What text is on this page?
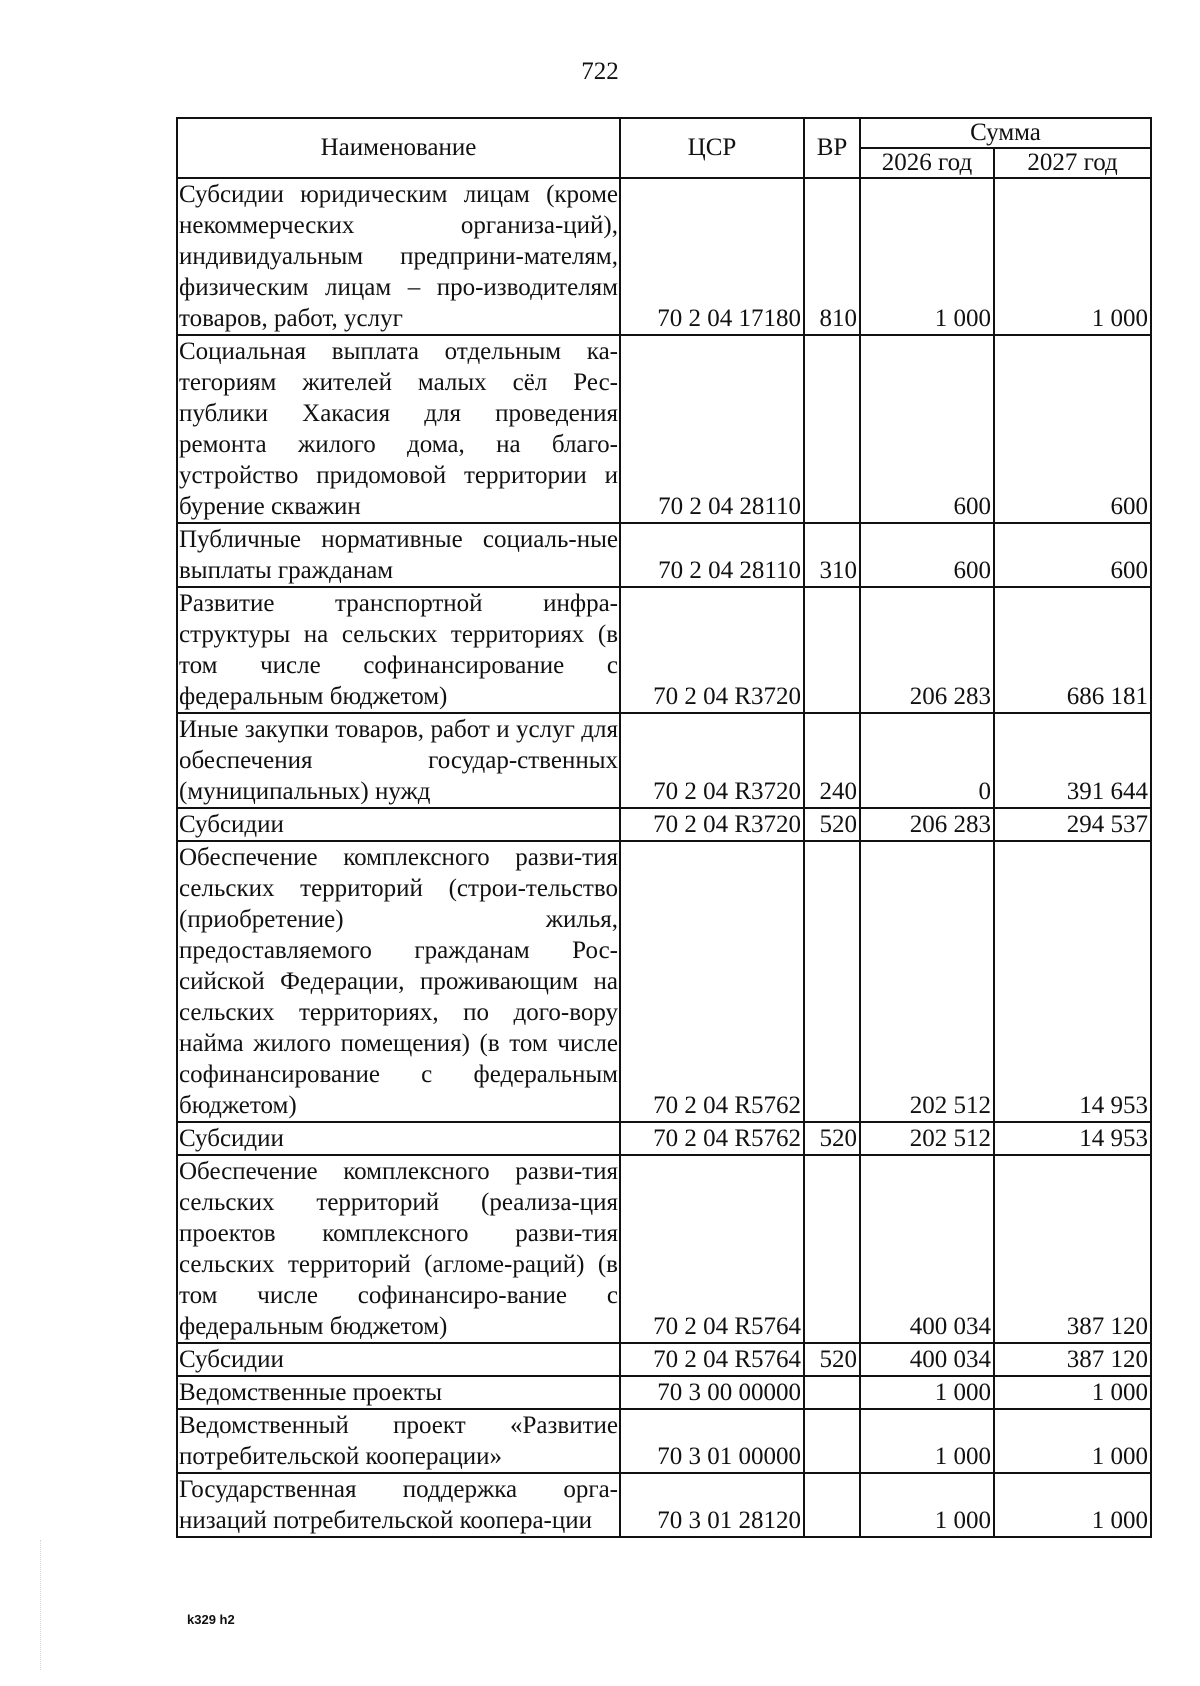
722
Наименование	ЦСР	ВР	Сумма	
			2026 год	2027 год
Субсидии юридическим лицам (кроме некоммерческих организа-ций), индивидуальным предприни-мателям, физическим лицам – про-изводителям товаров, работ, услуг	70 2 04 17180	810	1 000	1 000
Социальная выплата отдельным ка-тегориям жителей малых сёл Рес-публики Хакасия для проведения ремонта жилого дома, на благо-устройство придомовой территории и бурение скважин	70 2 04 28110		600	600
Публичные нормативные социаль-ные выплаты гражданам	70 2 04 28110	310	600	600
Развитие транспортной инфра-структуры на сельских территориях (в том числе софинансирование с федеральным бюджетом)	70 2 04 R3720		206 283	686 181
Иные закупки товаров, работ и услуг для обеспечения государ-ственных (муниципальных) нужд	70 2 04 R3720	240	0	391 644
Субсидии	70 2 04 R3720	520	206 283	294 537
Обеспечение комплексного разви-тия сельских территорий (строи-тельство (приобретение) жилья, предоставляемого гражданам Рос-сийской Федерации, проживающим на сельских территориях, по дого-вору найма жилого помещения) (в том числе софинансирование с федеральным бюджетом)	70 2 04 R5762		202 512	14 953
Субсидии	70 2 04 R5762	520	202 512	14 953
Обеспечение комплексного разви-тия сельских территорий (реализа-ция проектов комплексного разви-тия сельских территорий (агломе-раций) (в том числе софинансиро-вание с федеральным бюджетом)	70 2 04 R5764		400 034	387 120
Субсидии	70 2 04 R5764	520	400 034	387 120
Ведомственные проекты	70 3 00 00000		1 000	1 000
Ведомственный проект «Развитие потребительской кооперации»	70 3 01 00000		1 000	1 000
Государственная поддержка орга-низаций потребительской коопера-ции	70 3 01 28120		1 000	1 000
k329 h2
